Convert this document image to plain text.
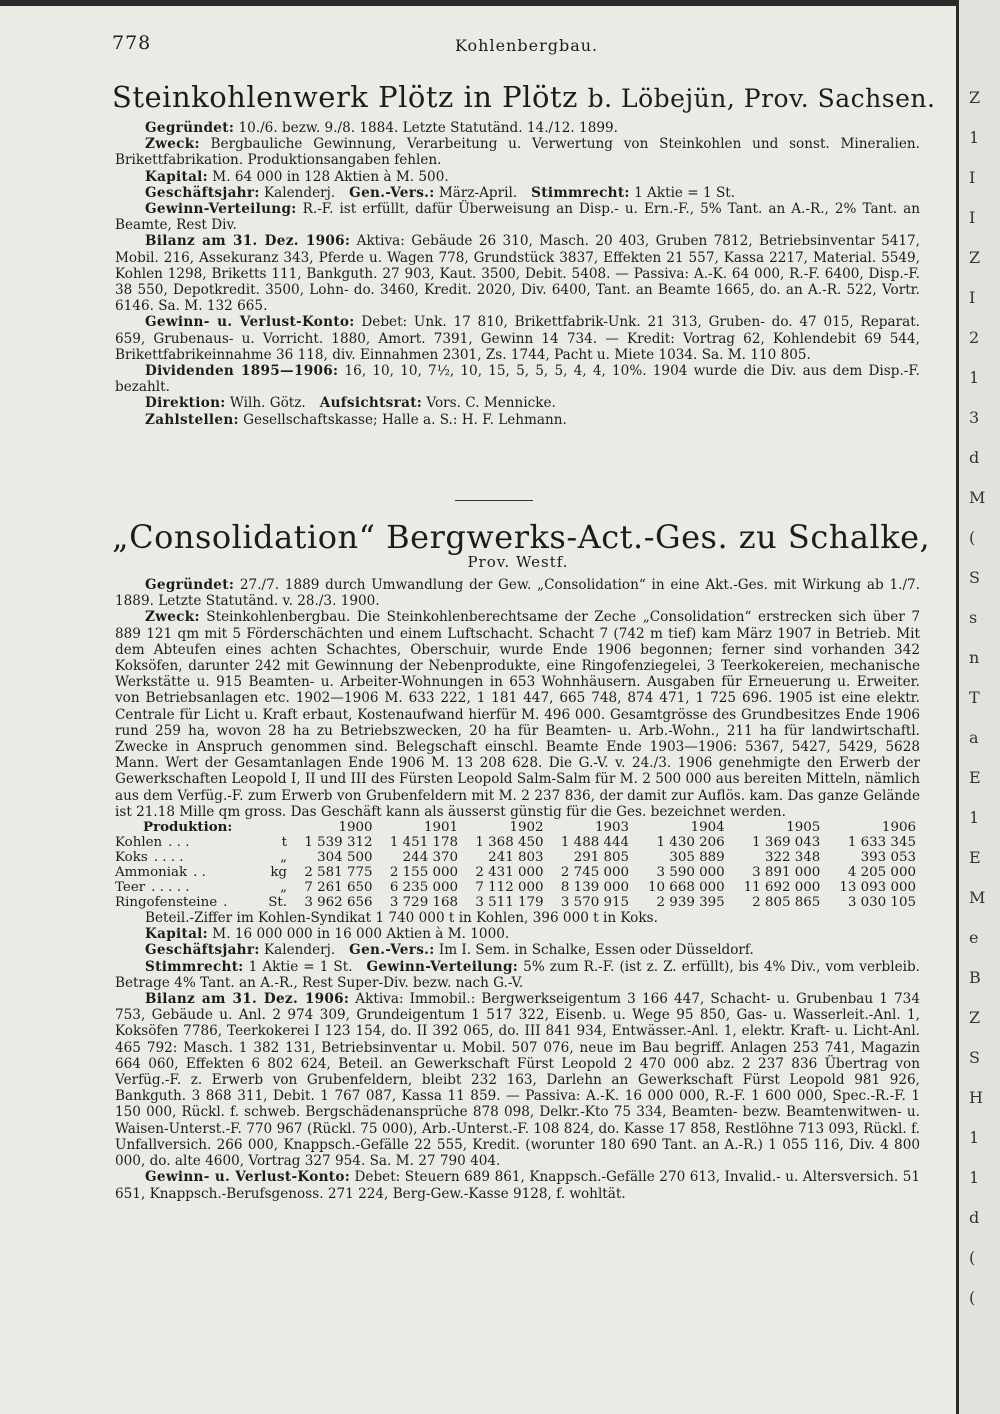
778	Kohlenbergbau.
Steinkohlenwerk Plötz in Plötz b. Löbejün, Prov. Sachsen.

Gegründet: 10./6. bezw. 9./8. 1884. Letzte Statutänd. 14./12. 1899.

Zweck: Bergbauliche Gewinnung, Verarbeitung u. Verwertung von Steinkohlen und sonst. Mineralien. Brikettfabrikation. Produktionsangaben fehlen.

Kapital: M. 64 000 in 128 Aktien à M. 500.

Geschäftsjahr: Kalenderj. Gen.-Vers.: März-April. Stimmrecht: 1 Aktie = 1 St.

Gewinn-Verteilung: R.-F. ist erfüllt, dafür Überweisung an Disp.- u. Ern.-F., 5% Tant. an A.-R., 2% Tant. an Beamte, Rest Div.

Bilanz am 31. Dez. 1906: Aktiva: Gebäude 26 310, Masch. 20 403, Gruben 7812, Betriebsinventar 5417, Mobil. 216, Assekuranz 343, Pferde u. Wagen 778, Grundstück 3837, Effekten 21 557, Kassa 2217, Material. 5549, Kohlen 1298, Briketts 111, Bankguth. 27 903, Kaut. 3500, Debit. 5408. — Passiva: A.-K. 64 000, R.-F. 6400, Disp.-F. 38 550, Depotkredit. 3500, Lohn- do. 3460, Kredit. 2020, Div. 6400, Tant. an Beamte 1665, do. an A.-R. 522, Vortr. 6146. Sa. M. 132 665.

Gewinn- u. Verlust-Konto: Debet: Unk. 17 810, Brikettfabrik-Unk. 21 313, Gruben- do. 47 015, Reparat. 659, Grubenaus- u. Vorricht. 1880, Amort. 7391, Gewinn 14 734. — Kredit: Vortrag 62, Kohlendebit 69 544, Brikettfabrikeinnahme 36 118, div. Einnahmen 2301, Zs. 1744, Pacht u. Miete 1034. Sa. M. 110 805.

Dividenden 1895—1906: 16, 10, 10, 7½, 10, 15, 5, 5, 5, 4, 4, 10%. 1904 wurde die Div. aus dem Disp.-F. bezahlt.

Direktion: Wilh. Götz. Aufsichtsrat: Vors. C. Mennicke.

Zahlstellen: Gesellschaftskasse; Halle a. S.: H. F. Lehmann.

„Consolidation“ Bergwerks-Act.-Ges. zu Schalke,
Prov. Westf.

Gegründet: 27./7. 1889 durch Umwandlung der Gew. „Consolidation“ in eine Akt.-Ges. mit Wirkung ab 1./7. 1889. Letzte Statutänd. v. 28./3. 1900.

Zweck: Steinkohlenbergbau. Die Steinkohlenberechtsame der Zeche „Consolidation“ erstrecken sich über 7 889 121 qm mit 5 Förderschächten und einem Luftschacht. Schacht 7 (742 m tief) kam März 1907 in Betrieb. Mit dem Abteufen eines achten Schachtes, Oberschuir, wurde Ende 1906 begonnen; ferner sind vorhanden 342 Koksöfen, darunter 242 mit Gewinnung der Nebenprodukte, eine Ringofenziegelei, 3 Teerkokereien, mechanische Werkstätte u. 915 Beamten- u. Arbeiter-Wohnungen in 653 Wohnhäusern. Ausgaben für Erneuerung u. Erweiter. von Betriebsanlagen etc. 1902—1906 M. 633 222, 1 181 447, 665 748, 874 471, 1 725 696. 1905 ist eine elektr. Centrale für Licht u. Kraft erbaut, Kostenaufwand hierfür M. 496 000. Gesamtgrösse des Grundbesitzes Ende 1906 rund 259 ha, wovon 28 ha zu Betriebszwecken, 20 ha für Beamten- u. Arb.-Wohn., 211 ha für landwirtschaftl. Zwecke in Anspruch genommen sind. Belegschaft einschl. Beamte Ende 1903—1906: 5367, 5427, 5429, 5628 Mann. Wert der Gesamtanlagen Ende 1906 M. 13 208 628. Die G.-V. v. 24./3. 1906 genehmigte den Erwerb der Gewerkschaften Leopold I, II und III des Fürsten Leopold Salm-Salm für M. 2 500 000 aus bereiten Mitteln, nämlich aus dem Verfüg.-F. zum Erwerb von Grubenfeldern mit M. 2 237 836, der damit zur Auflös. kam. Das ganze Gelände ist 21.18 Mille qm gross. Das Geschäft kann als äusserst günstig für die Ges. bezeichnet werden.

Produktion:		1900	1901	1902	1903	1904	1905	1906
Kohlen . . .	t	1 539 312	1 451 178	1 368 450	1 488 444	1 430 206	1 369 043	1 633 345
Koks . . . .	„	304 500	244 370	241 803	291 805	305 889	322 348	393 053
Ammoniak . .	kg	2 581 775	2 155 000	2 431 000	2 745 000	3 590 000	3 891 000	4 205 000
Teer . . . . .	„	7 261 650	6 235 000	7 112 000	8 139 000	10 668 000	11 692 000	13 093 000
Ringofensteine .	St.	3 962 656	3 729 168	3 511 179	3 570 915	2 939 395	2 805 865	3 030 105

Beteil.-Ziffer im Kohlen-Syndikat 1 740 000 t in Kohlen, 396 000 t in Koks.

Kapital: M. 16 000 000 in 16 000 Aktien à M. 1000.

Geschäftsjahr: Kalenderj. Gen.-Vers.: Im I. Sem. in Schalke, Essen oder Düsseldorf.

Stimmrecht: 1 Aktie = 1 St. Gewinn-Verteilung: 5% zum R.-F. (ist z. Z. erfüllt), bis 4% Div., vom verbleib. Betrage 4% Tant. an A.-R., Rest Super-Div. bezw. nach G.-V.

Bilanz am 31. Dez. 1906: Aktiva: Immobil.: Bergwerkseigentum 3 166 447, Schacht- u. Grubenbau 1 734 753, Gebäude u. Anl. 2 974 309, Grundeigentum 1 517 322, Eisenb. u. Wege 95 850, Gas- u. Wasserleit.-Anl. 1, Koksöfen 7786, Teerkokerei I 123 154, do. II 392 065, do. III 841 934, Entwässer.-Anl. 1, elektr. Kraft- u. Licht-Anl. 465 792: Masch. 1 382 131, Betriebsinventar u. Mobil. 507 076, neue im Bau begriff. Anlagen 253 741, Magazin 664 060, Effekten 6 802 624, Beteil. an Gewerkschaft Fürst Leopold 2 470 000 abz. 2 237 836 Übertrag von Verfüg.-F. z. Erwerb von Grubenfeldern, bleibt 232 163, Darlehn an Gewerkschaft Fürst Leopold 981 926, Bankguth. 3 868 311, Debit. 1 767 087, Kassa 11 859. — Passiva: A.-K. 16 000 000, R.-F. 1 600 000, Spec.-R.-F. 1 150 000, Rückl. f. schweb. Bergschädenansprüche 878 098, Delkr.-Kto 75 334, Beamten- bezw. Beamtenwitwen- u. Waisen-Unterst.-F. 770 967 (Rückl. 75 000), Arb.-Unterst.-F. 108 824, do. Kasse 17 858, Restlöhne 713 093, Rückl. f. Unfallversich. 266 000, Knappsch.-Gefälle 22 555, Kredit. (worunter 180 690 Tant. an A.-R.) 1 055 116, Div. 4 800 000, do. alte 4600, Vortrag 327 954. Sa. M. 27 790 404.

Gewinn- u. Verlust-Konto: Debet: Steuern 689 861, Knappsch.-Gefälle 270 613, Invalid.- u. Altersversich. 51 651, Knappsch.-Berufsgenoss. 271 224, Berg-Gew.-Kasse 9128, f. wohltät.

Z
1
I
I
Z
I
2
1
3
d
M
(
S
s
n
T
a
E
1
E
M
e
B
Z
S
H
1
1
d
(
(
